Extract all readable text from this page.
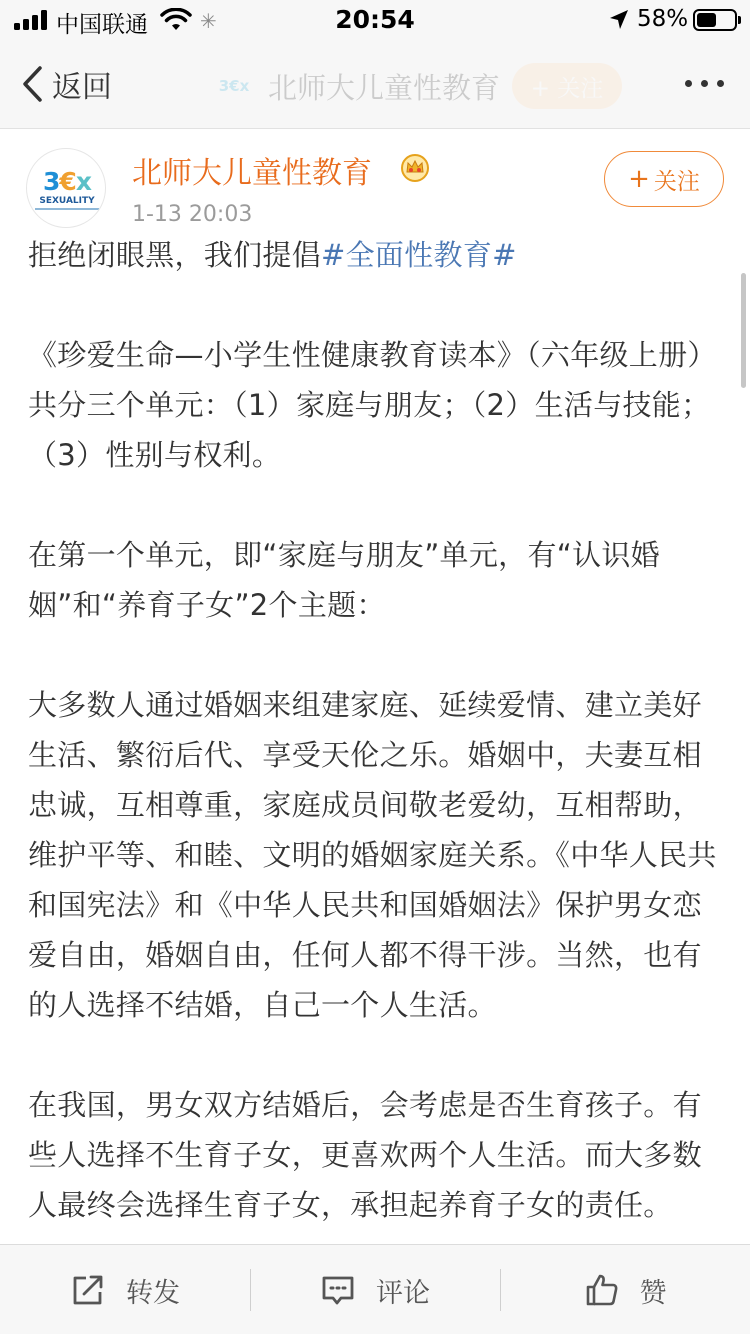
中国联通	✳	20:54	58%
返回	3€x 北师大儿童性教育	+ 关注
3€x
SEXUALITY
北师大儿童性教育
1-13 20:03
+ 关注

拒绝闭眼黑，我们提倡#全面性教育#

《珍爱生命—小学生性健康教育读本》（六年级上册）共分三个单元：（1）家庭与朋友；（2）生活与技能；（3）性别与权利。

在第一个单元，即“家庭与朋友”单元，有“认识婚姻”和“养育子女”2个主题：

大多数人通过婚姻来组建家庭、延续爱情、建立美好生活、繁衍后代、享受天伦之乐。婚姻中，夫妻互相忠诚，互相尊重，家庭成员间敬老爱幼，互相帮助，维护平等、和睦、文明的婚姻家庭关系。《中华人民共和国宪法》和《中华人民共和国婚姻法》保护男女恋爱自由，婚姻自由，任何人都不得干涉。当然，也有的人选择不结婚，自己一个人生活。

在我国，男女双方结婚后，会考虑是否生育孩子。有些人选择不生育子女，更喜欢两个人生活。而大多数人最终会选择生育子女，承担起养育子女的责任。

转发	评论	赞
